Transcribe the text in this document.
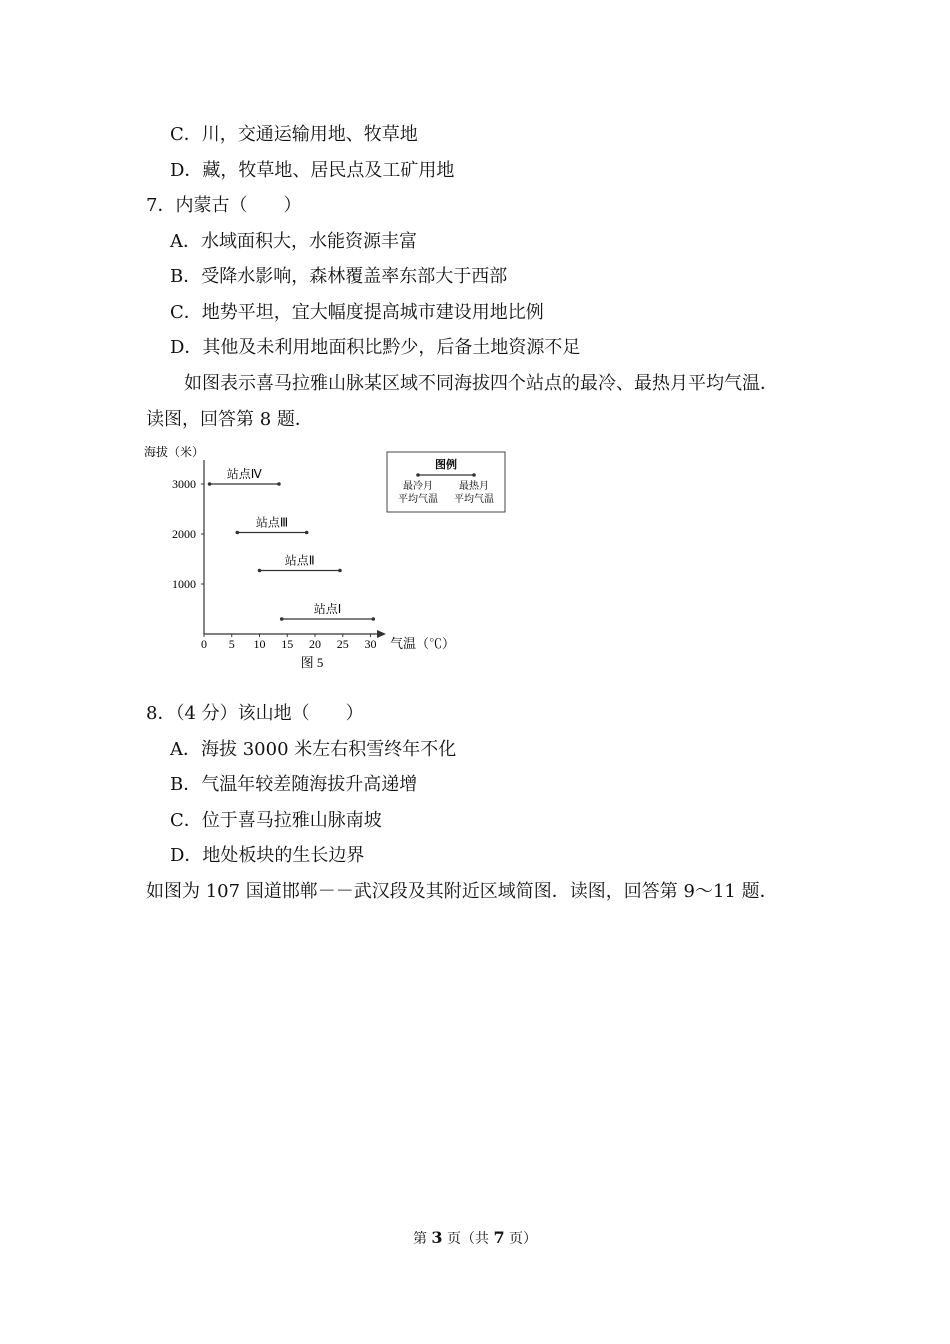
C．川，交通运输用地、牧草地
D．藏，牧草地、居民点及工矿用地
7．内蒙古（　　）
A．水域面积大，水能资源丰富
B．受降水影响，森林覆盖率东部大于西部
C．地势平坦，宜大幅度提高城市建设用地比例
D．其他及未利用地面积比黔少，后备土地资源不足
如图表示喜马拉雅山脉某区域不同海拔四个站点的最冷、最热月平均气温．
读图，回答第 8 题．
海拔（米）
0 5 10 15 20 25 30
1000
2000
3000
气温（℃）
图 5
站点Ⅳ
站点Ⅲ
站点Ⅱ
站点Ⅰ
图例
最冷月
平均气温
最热月
平均气温
8．（4 分）该山地（　　）
A．海拔 3000 米左右积雪终年不化
B．气温年较差随海拔升高递增
C．位于喜马拉雅山脉南坡
D．地处板块的生长边界
如图为 107 国道邯郸－－武汉段及其附近区域简图．读图，回答第 9～11 题．
第 3 页（共 7 页）
